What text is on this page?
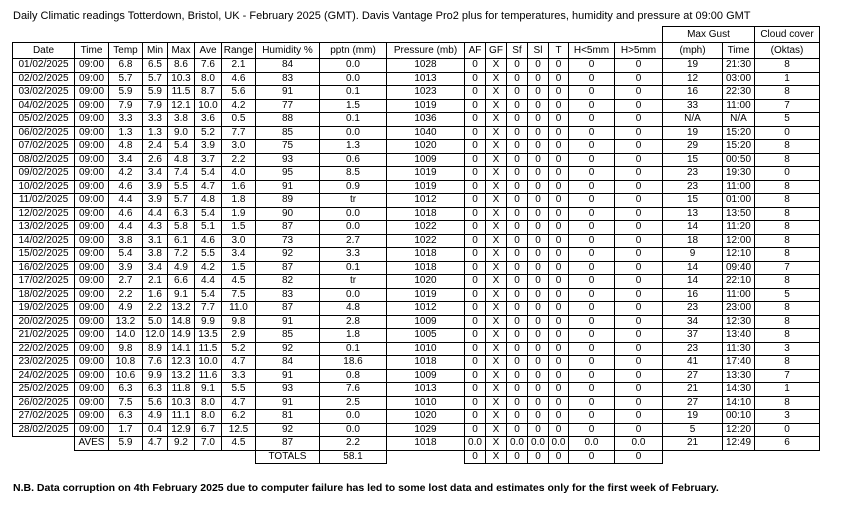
Daily Climatic readings Totterdown, Bristol, UK - February 2025 (GMT). Davis Vantage Pro2 plus for temperatures, humidity and pressure at 09:00 GMT
																	Max Gust		Cloud cover
Date	Time	Temp	Min	Max	Ave	Range	Humidity %	pptn (mm)	Pressure (mb)	AF	GF	Sf	Sl	T	H<5mm	H>5mm	(mph)	Time	(Oktas)
01/02/2025	09:00	6.8	6.5	8.6	7.6	2.1	84	0.0	1028	0	X	0	0	0	0	0	19	21:30	8
02/02/2025	09:00	5.7	5.7	10.3	8.0	4.6	83	0.0	1013	0	X	0	0	0	0	0	12	03:00	1
03/02/2025	09:00	5.9	5.9	11.5	8.7	5.6	91	0.1	1023	0	X	0	0	0	0	0	16	22:30	8
04/02/2025	09:00	7.9	7.9	12.1	10.0	4.2	77	1.5	1019	0	X	0	0	0	0	0	33	11:00	7
05/02/2025	09:00	3.3	3.3	3.8	3.6	0.5	88	0.1	1036	0	X	0	0	0	0	0	N/A	N/A	5
06/02/2025	09:00	1.3	1.3	9.0	5.2	7.7	85	0.0	1040	0	X	0	0	0	0	0	19	15:20	0
07/02/2025	09:00	4.8	2.4	5.4	3.9	3.0	75	1.3	1020	0	X	0	0	0	0	0	29	15:20	8
08/02/2025	09:00	3.4	2.6	4.8	3.7	2.2	93	0.6	1009	0	X	0	0	0	0	0	15	00:50	8
09/02/2025	09:00	4.2	3.4	7.4	5.4	4.0	95	8.5	1019	0	X	0	0	0	0	0	23	19:30	0
10/02/2025	09:00	4.6	3.9	5.5	4.7	1.6	91	0.9	1019	0	X	0	0	0	0	0	23	11:00	8
11/02/2025	09:00	4.4	3.9	5.7	4.8	1.8	89	tr	1012	0	X	0	0	0	0	0	15	01:00	8
12/02/2025	09:00	4.6	4.4	6.3	5.4	1.9	90	0.0	1018	0	X	0	0	0	0	0	13	13:50	8
13/02/2025	09:00	4.4	4.3	5.8	5.1	1.5	87	0.0	1022	0	X	0	0	0	0	0	14	11:20	8
14/02/2025	09:00	3.8	3.1	6.1	4.6	3.0	73	2.7	1022	0	X	0	0	0	0	0	18	12:00	8
15/02/2025	09:00	5.4	3.8	7.2	5.5	3.4	92	3.3	1018	0	X	0	0	0	0	0	9	12:10	8
16/02/2025	09:00	3.9	3.4	4.9	4.2	1.5	87	0.1	1018	0	X	0	0	0	0	0	14	09:40	7
17/02/2025	09:00	2.7	2.1	6.6	4.4	4.5	82	tr	1020	0	X	0	0	0	0	0	14	22:10	8
18/02/2025	09:00	2.2	1.6	9.1	5.4	7.5	83	0.0	1019	0	X	0	0	0	0	0	16	11:00	5
19/02/2025	09:00	4.9	2.2	13.2	7.7	11.0	87	4.8	1012	0	X	0	0	0	0	0	23	23:00	8
20/02/2025	09:00	13.2	5.0	14.8	9.9	9.8	91	2.8	1009	0	X	0	0	0	0	0	34	12:30	8
21/02/2025	09:00	14.0	12.0	14.9	13.5	2.9	85	1.8	1005	0	X	0	0	0	0	0	37	13:40	8
22/02/2025	09:00	9.8	8.9	14.1	11.5	5.2	92	0.1	1010	0	X	0	0	0	0	0	23	11:30	3
23/02/2025	09:00	10.8	7.6	12.3	10.0	4.7	84	18.6	1018	0	X	0	0	0	0	0	41	17:40	8
24/02/2025	09:00	10.6	9.9	13.2	11.6	3.3	91	0.8	1009	0	X	0	0	0	0	0	27	13:30	7
25/02/2025	09:00	6.3	6.3	11.8	9.1	5.5	93	7.6	1013	0	X	0	0	0	0	0	21	14:30	1
26/02/2025	09:00	7.5	5.6	10.3	8.0	4.7	91	2.5	1010	0	X	0	0	0	0	0	27	14:10	8
27/02/2025	09:00	6.3	4.9	11.1	8.0	6.2	81	0.0	1020	0	X	0	0	0	0	0	19	00:10	3
28/02/2025	09:00	1.7	0.4	12.9	6.7	12.5	92	0.0	1029	0	X	0	0	0	0	0	5	12:20	0
	AVES	5.9	4.7	9.2	7.0	4.5	87	2.2	1018	0.0	X	0.0	0.0	0.0	0.0	0.0	21	12:49	6
							TOTALS	58.1		0	X	0	0	0	0	0			
N.B. Data corruption on 4th February 2025 due to computer failure has led to some lost data and estimates only for the first week of February.
